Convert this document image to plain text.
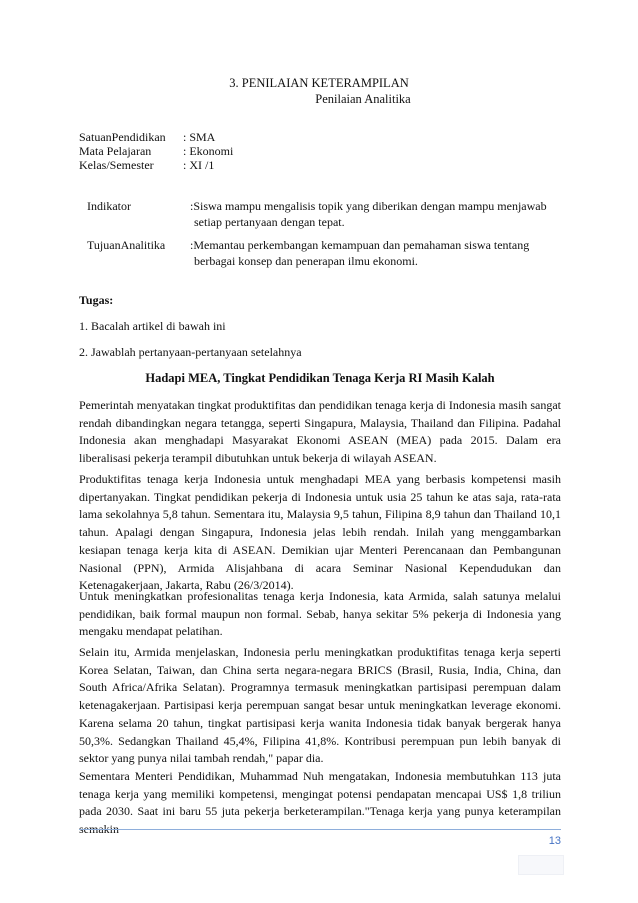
3. PENILAIAN KETERAMPILAN
Penilaian Analitika
SatuanPendidikan : SMA
Mata Pelajaran	: Ekonomi
Kelas/Semester : XI /1
Indikator	:Siswa mampu mengalisis topik yang diberikan dengan mampu menjawab
setiap pertanyaan dengan tepat.
TujuanAnalitika :Memantau perkembangan kemampuan dan pemahaman siswa tentang
berbagai konsep dan penerapan ilmu ekonomi.
Tugas:
1. Bacalah artikel di bawah ini
2. Jawablah pertanyaan-pertanyaan setelahnya
Hadapi MEA, Tingkat Pendidikan Tenaga Kerja RI Masih Kalah

Pemerintah menyatakan tingkat produktifitas dan pendidikan tenaga kerja di Indonesia masih sangat rendah dibandingkan negara tetangga, seperti Singapura, Malaysia, Thailand dan Filipina. Padahal Indonesia akan menghadapi Masyarakat Ekonomi ASEAN (MEA) pada 2015. Dalam era liberalisasi pekerja terampil dibutuhkan untuk bekerja di wilayah ASEAN.

Produktifitas tenaga kerja Indonesia untuk menghadapi MEA yang berbasis kompetensi masih dipertanyakan. Tingkat pendidikan pekerja di Indonesia untuk usia 25 tahun ke atas saja, rata-rata lama sekolahnya 5,8 tahun. Sementara itu, Malaysia 9,5 tahun, Filipina 8,9 tahun dan Thailand 10,1 tahun. Apalagi dengan Singapura, Indonesia jelas lebih rendah. Inilah yang menggambarkan kesiapan tenaga kerja kita di ASEAN. Demikian ujar Menteri Perencanaan dan Pembangunan Nasional (PPN), Armida Alisjahbana di acara Seminar Nasional Kependudukan dan Ketenagakerjaan, Jakarta, Rabu (26/3/2014).

Untuk meningkatkan profesionalitas tenaga kerja Indonesia, kata Armida, salah satunya melalui pendidikan, baik formal maupun non formal. Sebab, hanya sekitar 5% pekerja di Indonesia yang mengaku mendapat pelatihan.

Selain itu, Armida menjelaskan, Indonesia perlu meningkatkan produktifitas tenaga kerja seperti Korea Selatan, Taiwan, dan China serta negara-negara BRICS (Brasil, Rusia, India, China, dan South Africa/Afrika Selatan). Programnya termasuk meningkatkan partisipasi perempuan dalam ketenagakerjaan. Partisipasi kerja perempuan sangat besar untuk meningkatkan leverage ekonomi. Karena selama 20 tahun, tingkat partisipasi kerja wanita Indonesia tidak banyak bergerak hanya 50,3%. Sedangkan Thailand 45,4%, Filipina 41,8%. Kontribusi perempuan pun lebih banyak di sektor yang punya nilai tambah rendah," papar dia.

Sementara Menteri Pendidikan, Muhammad Nuh mengatakan, Indonesia membutuhkan 113 juta tenaga kerja yang memiliki kompetensi, mengingat potensi pendapatan mencapai US$ 1,8 triliun pada 2030. Saat ini baru 55 juta pekerja berketerampilan."Tenaga kerja yang punya keterampilan semakin

13
